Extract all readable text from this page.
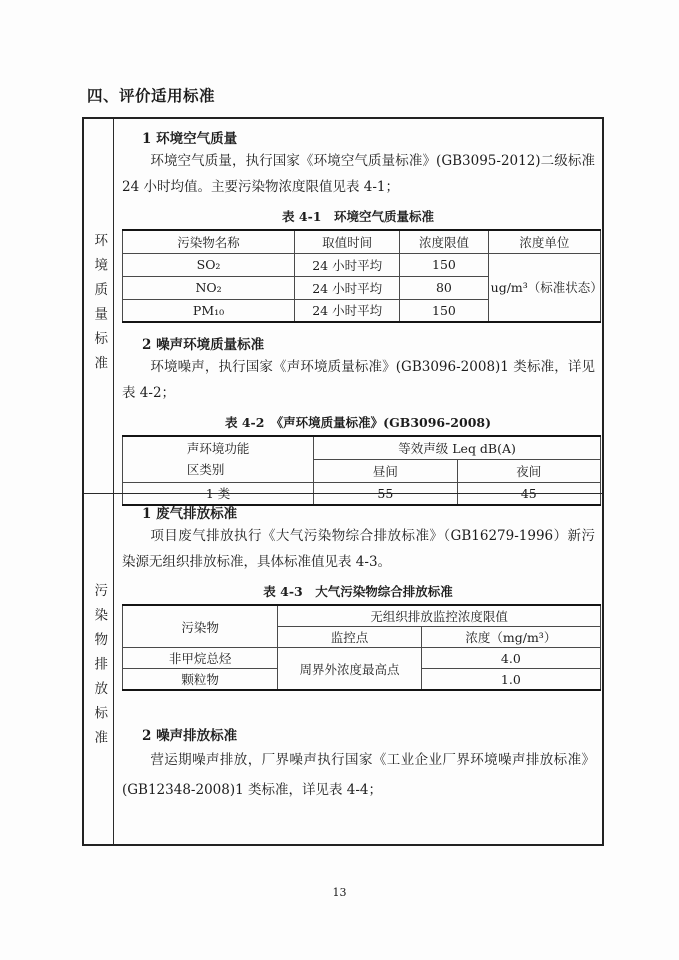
四、评价适用标准
环境质量标准
1 环境空气质量
环境空气质量，执行国家《环境空气质量标准》(GB3095-2012)二级标准 24 小时均值。主要污染物浓度限值见表 4-1；
表 4-1　环境空气质量标准
污染物名称	取值时间	浓度限值	浓度单位
SO₂	24 小时平均	150	ug/m³（标准状态）
NO₂	24 小时平均	80	
PM₁₀	24 小时平均	150	
2 噪声环境质量标准
环境噪声，执行国家《声环境质量标准》(GB3096-2008)1 类标准，详见表 4-2；
表 4-2　《声环境质量标准》(GB3096-2008)
声环境功能
区类别	等效声级 Leq dB(A)	
	昼间	夜间
1 类	55	45
污染物排放标准
1 废气排放标准
项目废气排放执行《大气污染物综合排放标准》（GB16279-1996）新污染源无组织排放标准，具体标准值见表 4-3。
表 4-3　大气污染物综合排放标准
污染物	无组织排放监控浓度限值	
	监控点	浓度（mg/m³）
非甲烷总烃	周界外浓度最高点	4.0
颗粒物		1.0
2 噪声排放标准
营运期噪声排放，厂界噪声执行国家《工业企业厂界环境噪声排放标准》(GB12348-2008)1 类标准，详见表 4-4；
13
